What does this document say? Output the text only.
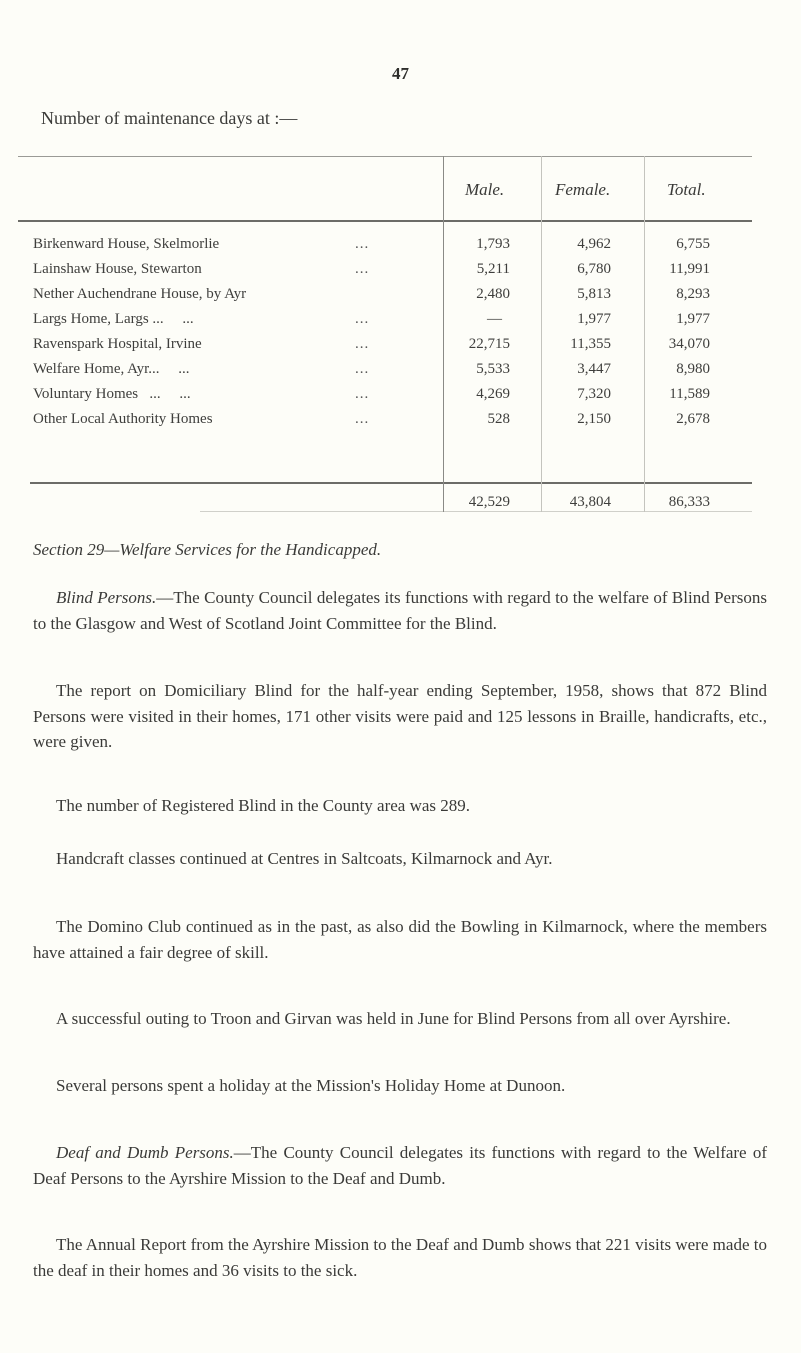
47
Number of maintenance days at :—
Male.	Female.	Total.
Birkenward House, Skelmorlie	...	1,793	4,962	6,755
Lainshaw House, Stewarton	...	5,211	6,780	11,991
Nether Auchendrane House, by Ayr	2,480	5,813	8,293
Largs Home, Largs ...     ...	...	—	1,977	1,977
Ravenspark Hospital, Irvine	...	22,715	11,355	34,070
Welfare Home, Ayr...     ...	...	5,533	3,447	8,980
Voluntary Homes   ...     ...	...	4,269	7,320	11,589
Other Local Authority Homes	...	528	2,150	2,678
42,529	43,804	86,333
Section 29—Welfare Services for the Handicapped.

Blind Persons.—The County Council delegates its functions with regard to the welfare of Blind Persons to the Glasgow and West of Scotland Joint Committee for the Blind.

The report on Domiciliary Blind for the half-year ending September, 1958, shows that 872 Blind Persons were visited in their homes, 171 other visits were paid and 125 lessons in Braille, handicrafts, etc., were given.

The number of Registered Blind in the County area was 289.

Handcraft classes continued at Centres in Saltcoats, Kilmarnock and Ayr.

The Domino Club continued as in the past, as also did the Bowling in Kilmarnock, where the members have attained a fair degree of skill.

A successful outing to Troon and Girvan was held in June for Blind Persons from all over Ayrshire.

Several persons spent a holiday at the Mission's Holiday Home at Dunoon.

Deaf and Dumb Persons.—The County Council delegates its functions with regard to the Welfare of Deaf Persons to the Ayrshire Mission to the Deaf and Dumb.

The Annual Report from the Ayrshire Mission to the Deaf and Dumb shows that 221 visits were made to the deaf in their homes and 36 visits to the sick.
